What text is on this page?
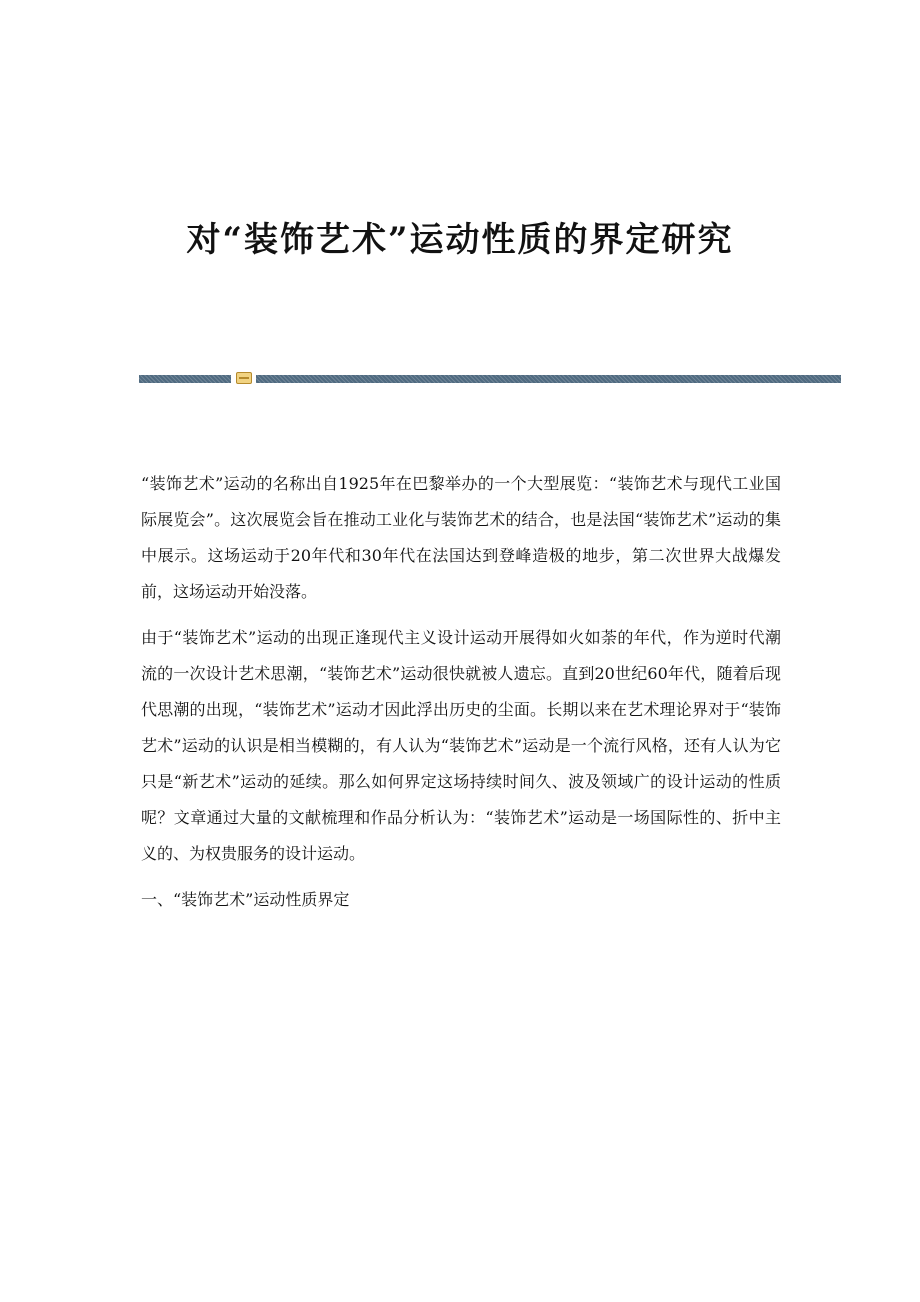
对“装饰艺术”运动性质的界定研究

“装饰艺术”运动的名称出自1925年在巴黎举办的一个大型展览：“装饰艺术与现代工业国际展览会”。这次展览会旨在推动工业化与装饰艺术的结合，也是法国“装饰艺术”运动的集中展示。这场运动于20年代和30年代在法国达到登峰造极的地步，第二次世界大战爆发前，这场运动开始没落。

由于“装饰艺术”运动的出现正逢现代主义设计运动开展得如火如荼的年代，作为逆时代潮流的一次设计艺术思潮，“装饰艺术”运动很快就被人遗忘。直到20世纪60年代，随着后现代思潮的出现，“装饰艺术”运动才因此浮出历史的尘面。长期以来在艺术理论界对于“装饰艺术”运动的认识是相当模糊的，有人认为“装饰艺术”运动是一个流行风格，还有人认为它只是“新艺术”运动的延续。那么如何界定这场持续时间久、波及领域广的设计运动的性质呢？文章通过大量的文献梳理和作品分析认为：“装饰艺术”运动是一场国际性的、折中主义的、为权贵服务的设计运动。

一、“装饰艺术”运动性质界定
